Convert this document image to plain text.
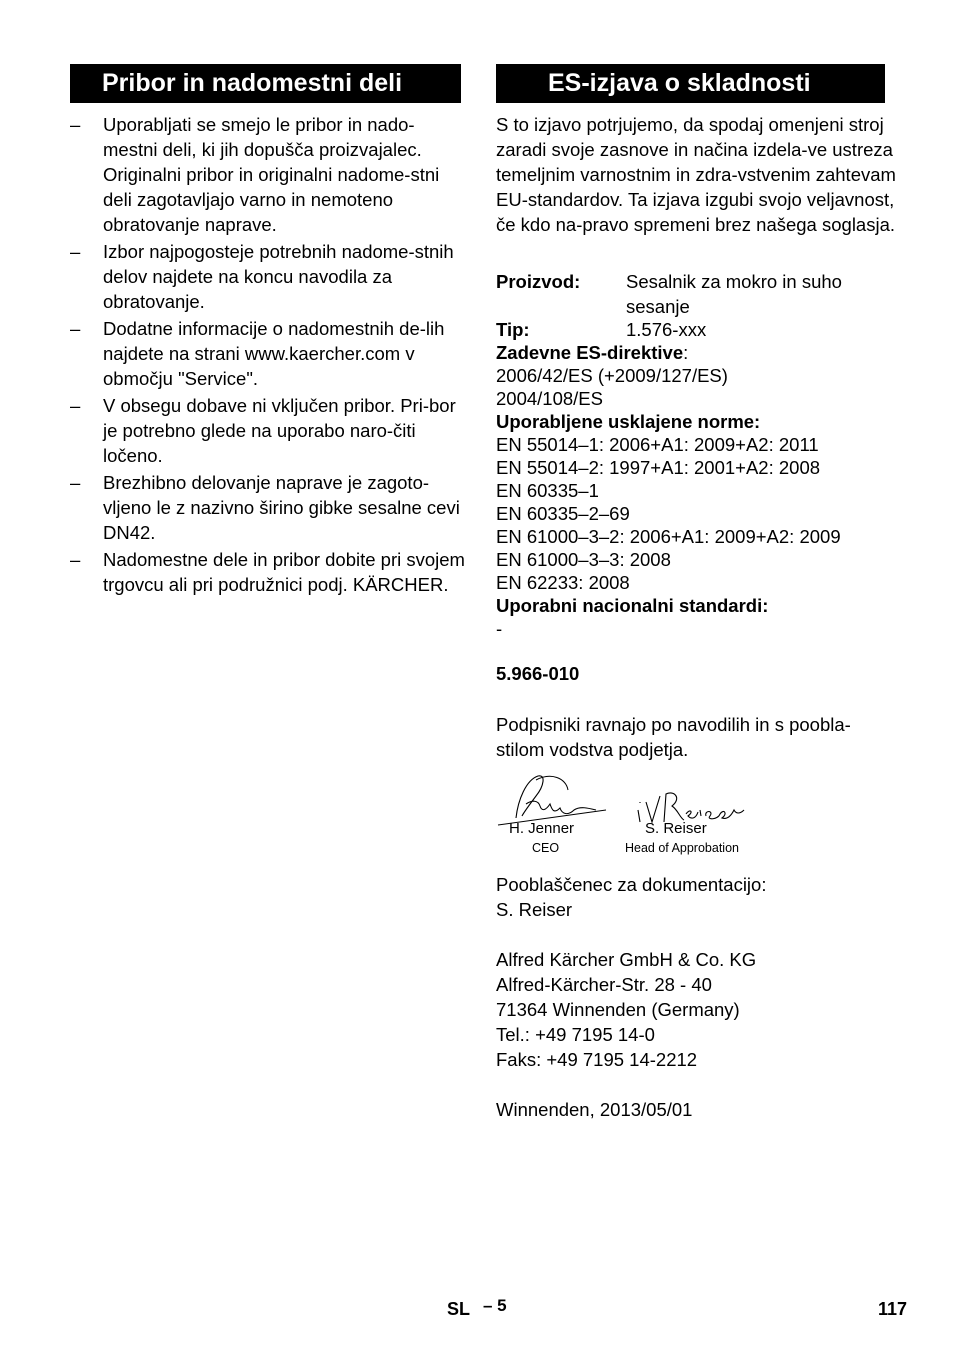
Pribor in nadomestni deli
– Uporabljati se smejo le pribor in nado-mestni deli, ki jih dopušča proizvajalec. Originalni pribor in originalni nadome-stni deli zagotavljajo varno in nemoteno obratovanje naprave.
– Izbor najpogosteje potrebnih nadome-stnih delov najdete na koncu navodila za obratovanje.
– Dodatne informacije o nadomestnih de-lih najdete na strani www.kaercher.com v območju "Service".
– V obsegu dobave ni vključen pribor. Pri-bor je potrebno glede na uporabo naro-čiti ločeno.
– Brezhibno delovanje naprave je zagoto-vljeno le z nazivno širino gibke sesalne cevi DN42.
– Nadomestne dele in pribor dobite pri svojem trgovcu ali pri podružnici podj. KÄRCHER.
ES-izjava o skladnosti
S to izjavo potrjujemo, da spodaj omenjeni stroj zaradi svoje zasnove in načina izdela-ve ustreza temeljnim varnostnim in zdra-vstvenim zahtevam EU-standardov. Ta izjava izgubi svojo veljavnost, če kdo na-pravo spremeni brez našega soglasja.
Proizvod: Sesalnik za mokro in suho sesanje
Tip:	1.576-xxx
Zadevne ES-direktive:
2006/42/ES (+2009/127/ES)
2004/108/ES
Uporabljene usklajene norme:
EN 55014–1: 2006+A1: 2009+A2: 2011
EN 55014–2: 1997+A1: 2001+A2: 2008
EN 60335–1
EN 60335–2–69
EN 61000–3–2: 2006+A1: 2009+A2: 2009
EN 61000–3–3: 2008
EN 62233: 2008
Uporabni nacionalni standardi:
-
5.966-010
Podpisniki ravnajo po navodilih in s poobla-stilom vodstva podjetja.
H. Jenner
CEO
S. Reiser
Head of Approbation
Pooblaščenec za dokumentacijo:
S. Reiser
Alfred Kärcher GmbH & Co. KG
Alfred-Kärcher-Str. 28 - 40
71364 Winnenden (Germany)
Tel.: +49 7195 14-0
Faks: +49 7195 14-2212
Winnenden, 2013/05/01
SL – 5	117
